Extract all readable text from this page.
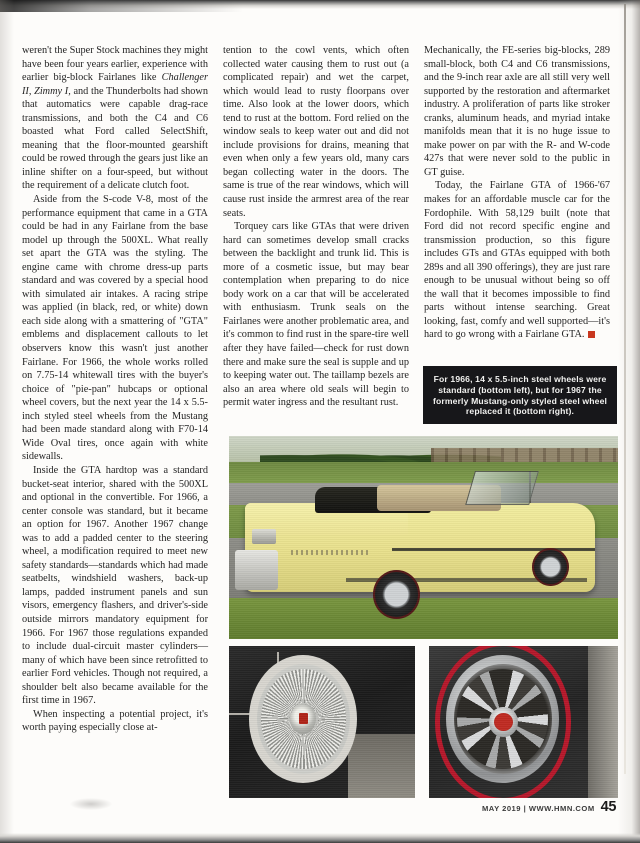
weren't the Super Stock machines they might have been four years earlier, experience with earlier big-block Fairlanes like Challenger II, Zimmy I, and the Thunderbolts had shown that automatics were capable drag-race transmissions, and both the C4 and C6 boasted what Ford called SelectShift, meaning that the floor-mounted gearshift could be rowed through the gears just like an inline shifter on a four-speed, but without the requirement of a delicate clutch foot.

Aside from the S-code V-8, most of the performance equipment that came in a GTA could be had in any Fairlane from the base model up through the 500XL. What really set apart the GTA was the styling. The engine came with chrome dress-up parts standard and was covered by a special hood with simulated air intakes. A racing stripe was applied (in black, red, or white) down each side along with a smattering of "GTA" emblems and displacement callouts to let observers know this wasn't just another Fairlane. For 1966, the whole works rolled on 7.75-14 whitewall tires with the buyer's choice of "pie-pan" hubcaps or optional wheel covers, but the next year the 14 x 5.5-inch styled steel wheels from the Mustang had been made standard along with F70-14 Wide Oval tires, once again with white sidewalls.

Inside the GTA hardtop was a standard bucket-seat interior, shared with the 500XL and optional in the convertible. For 1966, a center console was standard, but it became an option for 1967. Another 1967 change was to add a padded center to the steering wheel, a modification required to meet new safety standards—standards which had made seatbelts, windshield washers, back-up lamps, padded instrument panels and sun visors, emergency flashers, and driver's-side outside mirrors mandatory equipment for 1966. For 1967 those regulations expanded to include dual-circuit master cylinders—many of which have been since retrofitted to earlier Ford vehicles. Though not required, a shoulder belt also became available for the first time in 1967.

When inspecting a potential project, it's worth paying especially close at-

tention to the cowl vents, which often collected water causing them to rust out (a complicated repair) and wet the carpet, which would lead to rusty floorpans over time. Also look at the lower doors, which tend to rust at the bottom. Ford relied on the window seals to keep water out and did not include provisions for drains, meaning that even when only a few years old, many cars began collecting water in the doors. The same is true of the rear windows, which will cause rust inside the armrest area of the rear seats.

Torquey cars like GTAs that were driven hard can sometimes develop small cracks between the backlight and trunk lid. This is more of a cosmetic issue, but may bear contemplation when preparing to do nice body work on a car that will be accelerated with enthusiasm. Trunk seals on the Fairlanes were another problematic area, and it's common to find rust in the spare-tire well after they have failed—check for rust down there and make sure the seal is supple and up to keeping water out. The taillamp bezels are also an area where old seals will begin to permit water ingress and the resultant rust.

Mechanically, the FE-series big-blocks, 289 small-block, both C4 and C6 transmissions, and the 9-inch rear axle are all still very well supported by the restoration and aftermarket industry. A proliferation of parts like stroker cranks, aluminum heads, and myriad intake manifolds mean that it is no huge issue to make power on par with the R- and W-code 427s that were never sold to the public in GT guise.

Today, the Fairlane GTA of 1966-'67 makes for an affordable muscle car for the Fordophile. With 58,129 built (note that Ford did not record specific engine and transmission production, so this figure includes GTs and GTAs equipped with both 289s and all 390 offerings), they are just rare enough to be unusual without being so off the wall that it becomes impossible to find parts without intense searching. Great looking, fast, comfy and well supported—it's hard to go wrong with a Fairlane GTA.

For 1966, 14 x 5.5-inch steel wheels were standard (bottom left), but for 1967 the formerly Mustang-only styled steel wheel replaced it (bottom right).

MAY 2019 | WWW.HMN.COM 45
